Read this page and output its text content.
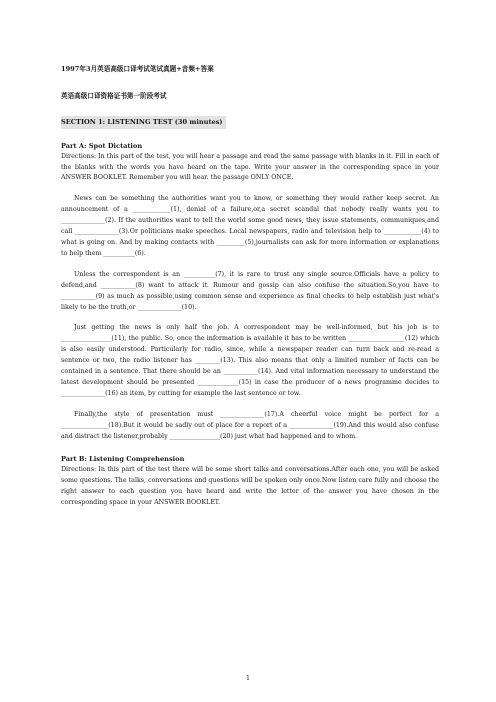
1997年3月英语高级口译考试笔试真题+音频+答案
英语高级口译资格证书第一阶段考试
SECTION 1: LISTENING TEST (30 minutes)
Part A: Spot Dictation

Directions: In this part of the test, you will hear a passage and read the same passage with blanks in it. Fill in each of the blanks with the words you have heard on the tape. Write your answer in the corresponding space in your ANSWER BOOKLET. Remember you will hear. the passage ONLY ONCE.

News can be something the authorities want you to know, or something they would rather keep secret. An announcement of a ____________(1), denial of a failure,or,a secret scandal that nobody really wants you to ______________(2). If the authorities want to tell the world some good news, they issue statements, communiques,and call ______________(3).Or politicians make speeches. Local newspapers, radio and television help to ____________(4) to what is going on. And by making contacts with _________(5),journalists can ask for more information or explanations to help them __________(6).

Unless the correspondent is an __________(7), it is rare to trust any single source.Officials have a policy to defend,and ___________(8) want to attack it. Rumour and gossip can also confuse the situation.So,you have to ___________(9) as much as possible,using common sense and experience as final checks to help establish just what's likely to be the truth,or ______________(10).

Just getting the news is only half the job. A correspondent may be well-informed, but his job is to ________________(11), the public. So, once the information is available it has to be written __________________(12) which is also easily understood. Particularly for radio, since, while a newspaper reader can turn back and re-read a sentence or two, the radio listener has ________(13). This also means that only a limited number of facts can be contained in a sentence. That there should be an ___________(14). And vital information necessary to understand the latest development should be presented _____________(15) in case the producer of a news programme decides to ______________(16) an item, by cutting for example the last sentence or tow.

Finally,the style of presentation must ______________(17).A cheerful voice might be perfect for a _______________(18).But it would be sadly out of place for a report of a ______________(19).And this would also confuse and distract the listener,probably ________________(20) just what had happened and to whom.

Part B: Listening Comprehension

Directions: In this part of the test there will be some short talks and conversations.After each one, you will be asked some questions. The talks, conversations and questions will be spoken only once.Now listen care fully and choose the right answer to each question you have heard and write the letter of the answer you have chosen in the corresponding space in your ANSWER BOOKLET.

1
